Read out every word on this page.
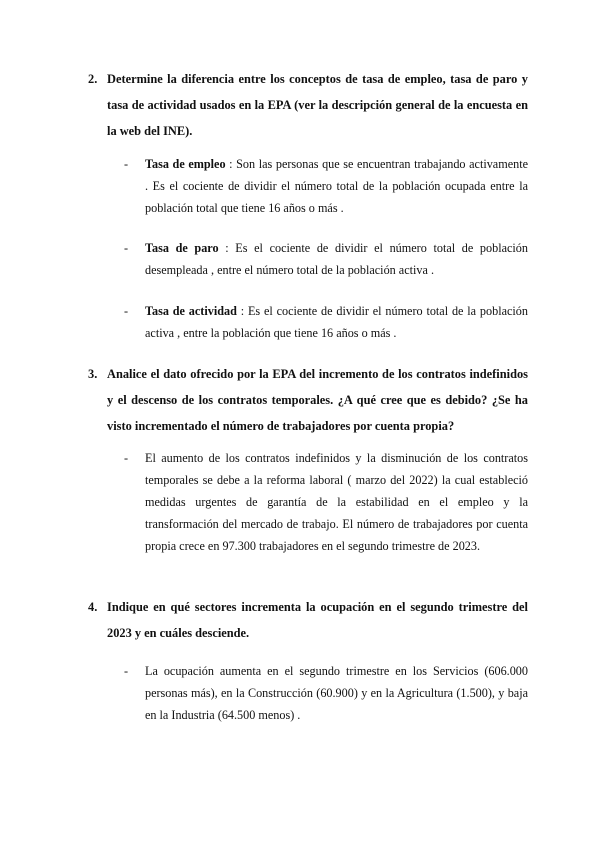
2. Determine la diferencia entre los conceptos de tasa de empleo, tasa de paro y tasa de actividad usados en la EPA (ver la descripción general de la encuesta en la web del INE).
- Tasa de empleo : Son las personas que se encuentran trabajando activamente . Es el cociente de dividir el número total de la población ocupada entre la población total que tiene 16 años o más .
- Tasa de paro : Es el cociente de dividir el número total de población desempleada , entre el número total de la población activa .
- Tasa de actividad : Es el cociente de dividir el número total de la población activa , entre la población que tiene 16 años o más .
3. Analice el dato ofrecido por la EPA del incremento de los contratos indefinidos y el descenso de los contratos temporales. ¿A qué cree que es debido? ¿Se ha visto incrementado el número de trabajadores por cuenta propia?
- El aumento de los contratos indefinidos y la disminución de los contratos temporales se debe a la reforma laboral ( marzo del 2022) la cual estableció medidas urgentes de garantía de la estabilidad en el empleo y la transformación del mercado de trabajo. El número de trabajadores por cuenta propia crece en 97.300 trabajadores en el segundo trimestre de 2023.
4. Indique en qué sectores incrementa la ocupación en el segundo trimestre del 2023 y en cuáles desciende.
- La ocupación aumenta en el segundo trimestre en los Servicios (606.000 personas más), en la Construcción (60.900) y en la Agricultura (1.500), y baja en la Industria (64.500 menos) .
